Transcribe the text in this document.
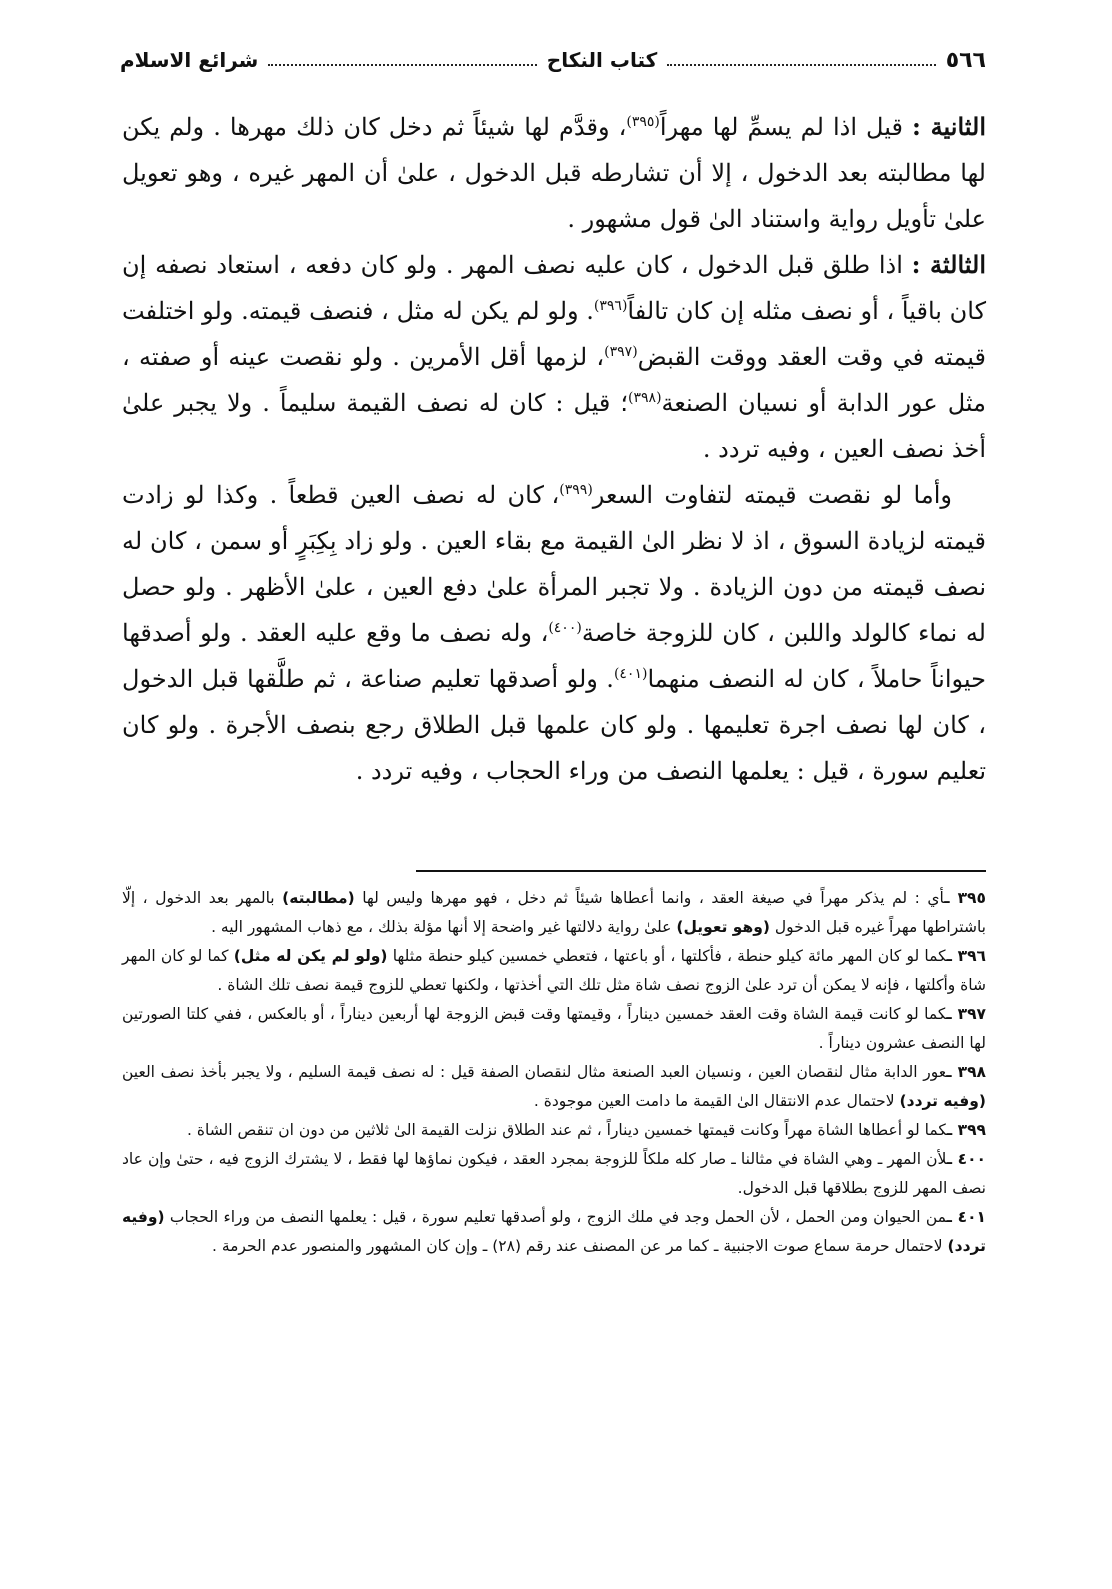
٥٦٦
كتاب النكاح
شرائع الاسلام

الثانية : قيل اذا لم يسمِّ لها مهراً$^{(٣٩٥)}$، وقدَّم لها شيئاً ثم دخل كان ذلك مهرها . ولم يكن لها مطالبته بعد الدخول ، إلا أن تشارطه قبل الدخول ، علىٰ أن المهر غيره ، وهو تعويل علىٰ تأويل رواية واستناد الىٰ قول مشهور .

الثالثة : اذا طلق قبل الدخول ، كان عليه نصف المهر . ولو كان دفعه ، استعاد نصفه إن كان باقياً ، أو نصف مثله إن كان تالفاً$^{(٣٩٦)}$. ولو لم يكن له مثل ، فنصف قيمته. ولو اختلفت قيمته في وقت العقد ووقت القبض$^{(٣٩٧)}$، لزمها أقل الأمرين . ولو نقصت عينه أو صفته ، مثل عور الدابة أو نسيان الصنعة$^{(٣٩٨)}$؛ قيل : كان له نصف القيمة سليماً . ولا يجبر علىٰ أخذ نصف العين ، وفيه تردد .

وأما لو نقصت قيمته لتفاوت السعر$^{(٣٩٩)}$، كان له نصف العين قطعاً . وكذا لو زادت قيمته لزيادة السوق ، اذ لا نظر الىٰ القيمة مع بقاء العين . ولو زاد بِكِبَرٍ أو سمن ، كان له نصف قيمته من دون الزيادة . ولا تجبر المرأة علىٰ دفع العين ، علىٰ الأظهر . ولو حصل له نماء كالولد واللبن ، كان للزوجة خاصة$^{(٤٠٠)}$، وله نصف ما وقع عليه العقد . ولو أصدقها حيواناً حاملاً ، كان له النصف منهما$^{(٤٠١)}$. ولو أصدقها تعليم صناعة ، ثم طلَّقها قبل الدخول ، كان لها نصف اجرة تعليمها . ولو كان علمها قبل الطلاق رجع بنصف الأجرة . ولو كان تعليم سورة ، قيل : يعلمها النصف من وراء الحجاب ، وفيه تردد .

٣٩٥ ـأي : لم يذكر مهراً في صيغة العقد ، وانما أعطاها شيئاً ثم دخل ، فهو مهرها وليس لها (مطالبته) بالمهر بعد الدخول ، إلّا باشتراطها مهراً غيره قبل الدخول (وهو تعويل) علىٰ رواية دلالتها غير واضحة إلا أنها مؤلة بذلك ، مع ذهاب المشهور اليه .

٣٩٦ ـكما لو كان المهر مائة كيلو حنطة ، فأكلتها ، أو باعتها ، فتعطي خمسين كيلو حنطة مثلها (ولو لم يكن له مثل) كما لو كان المهر شاة وأكلتها ، فإنه لا يمكن أن ترد علىٰ الزوج نصف شاة مثل تلك التي أخذتها ، ولكنها تعطي للزوج قيمة نصف تلك الشاة .

٣٩٧ ـكما لو كانت قيمة الشاة وقت العقد خمسين ديناراً ، وقيمتها وقت قبض الزوجة لها أربعين ديناراً ، أو بالعكس ، ففي كلتا الصورتين لها النصف عشرون ديناراً .

٣٩٨ ـعور الدابة مثال لنقصان العين ، ونسيان العبد الصنعة مثال لنقصان الصفة قيل : له نصف قيمة السليم ، ولا يجبر بأخذ نصف العين (وفيه تردد) لاحتمال عدم الانتقال الىٰ القيمة ما دامت العين موجودة .

٣٩٩ ـكما لو أعطاها الشاة مهراً وكانت قيمتها خمسين ديناراً ، ثم عند الطلاق نزلت القيمة الىٰ ثلاثين من دون ان تنقص الشاة .

٤٠٠ ـلأن المهر ـ وهي الشاة في مثالنا ـ صار كله ملكاً للزوجة بمجرد العقد ، فيكون نماؤها لها فقط ، لا يشترك الزوج فيه ، حتىٰ وإن عاد نصف المهر للزوج بطلاقها قبل الدخول.

٤٠١ ـمن الحيوان ومن الحمل ، لأن الحمل وجد في ملك الزوج ، ولو أصدقها تعليم سورة ، قيل : يعلمها النصف من وراء الحجاب (وفيه تردد) لاحتمال حرمة سماع صوت الاجنبية ـ كما مر عن المصنف عند رقم (٢٨) ـ وإن كان المشهور والمنصور عدم الحرمة .
